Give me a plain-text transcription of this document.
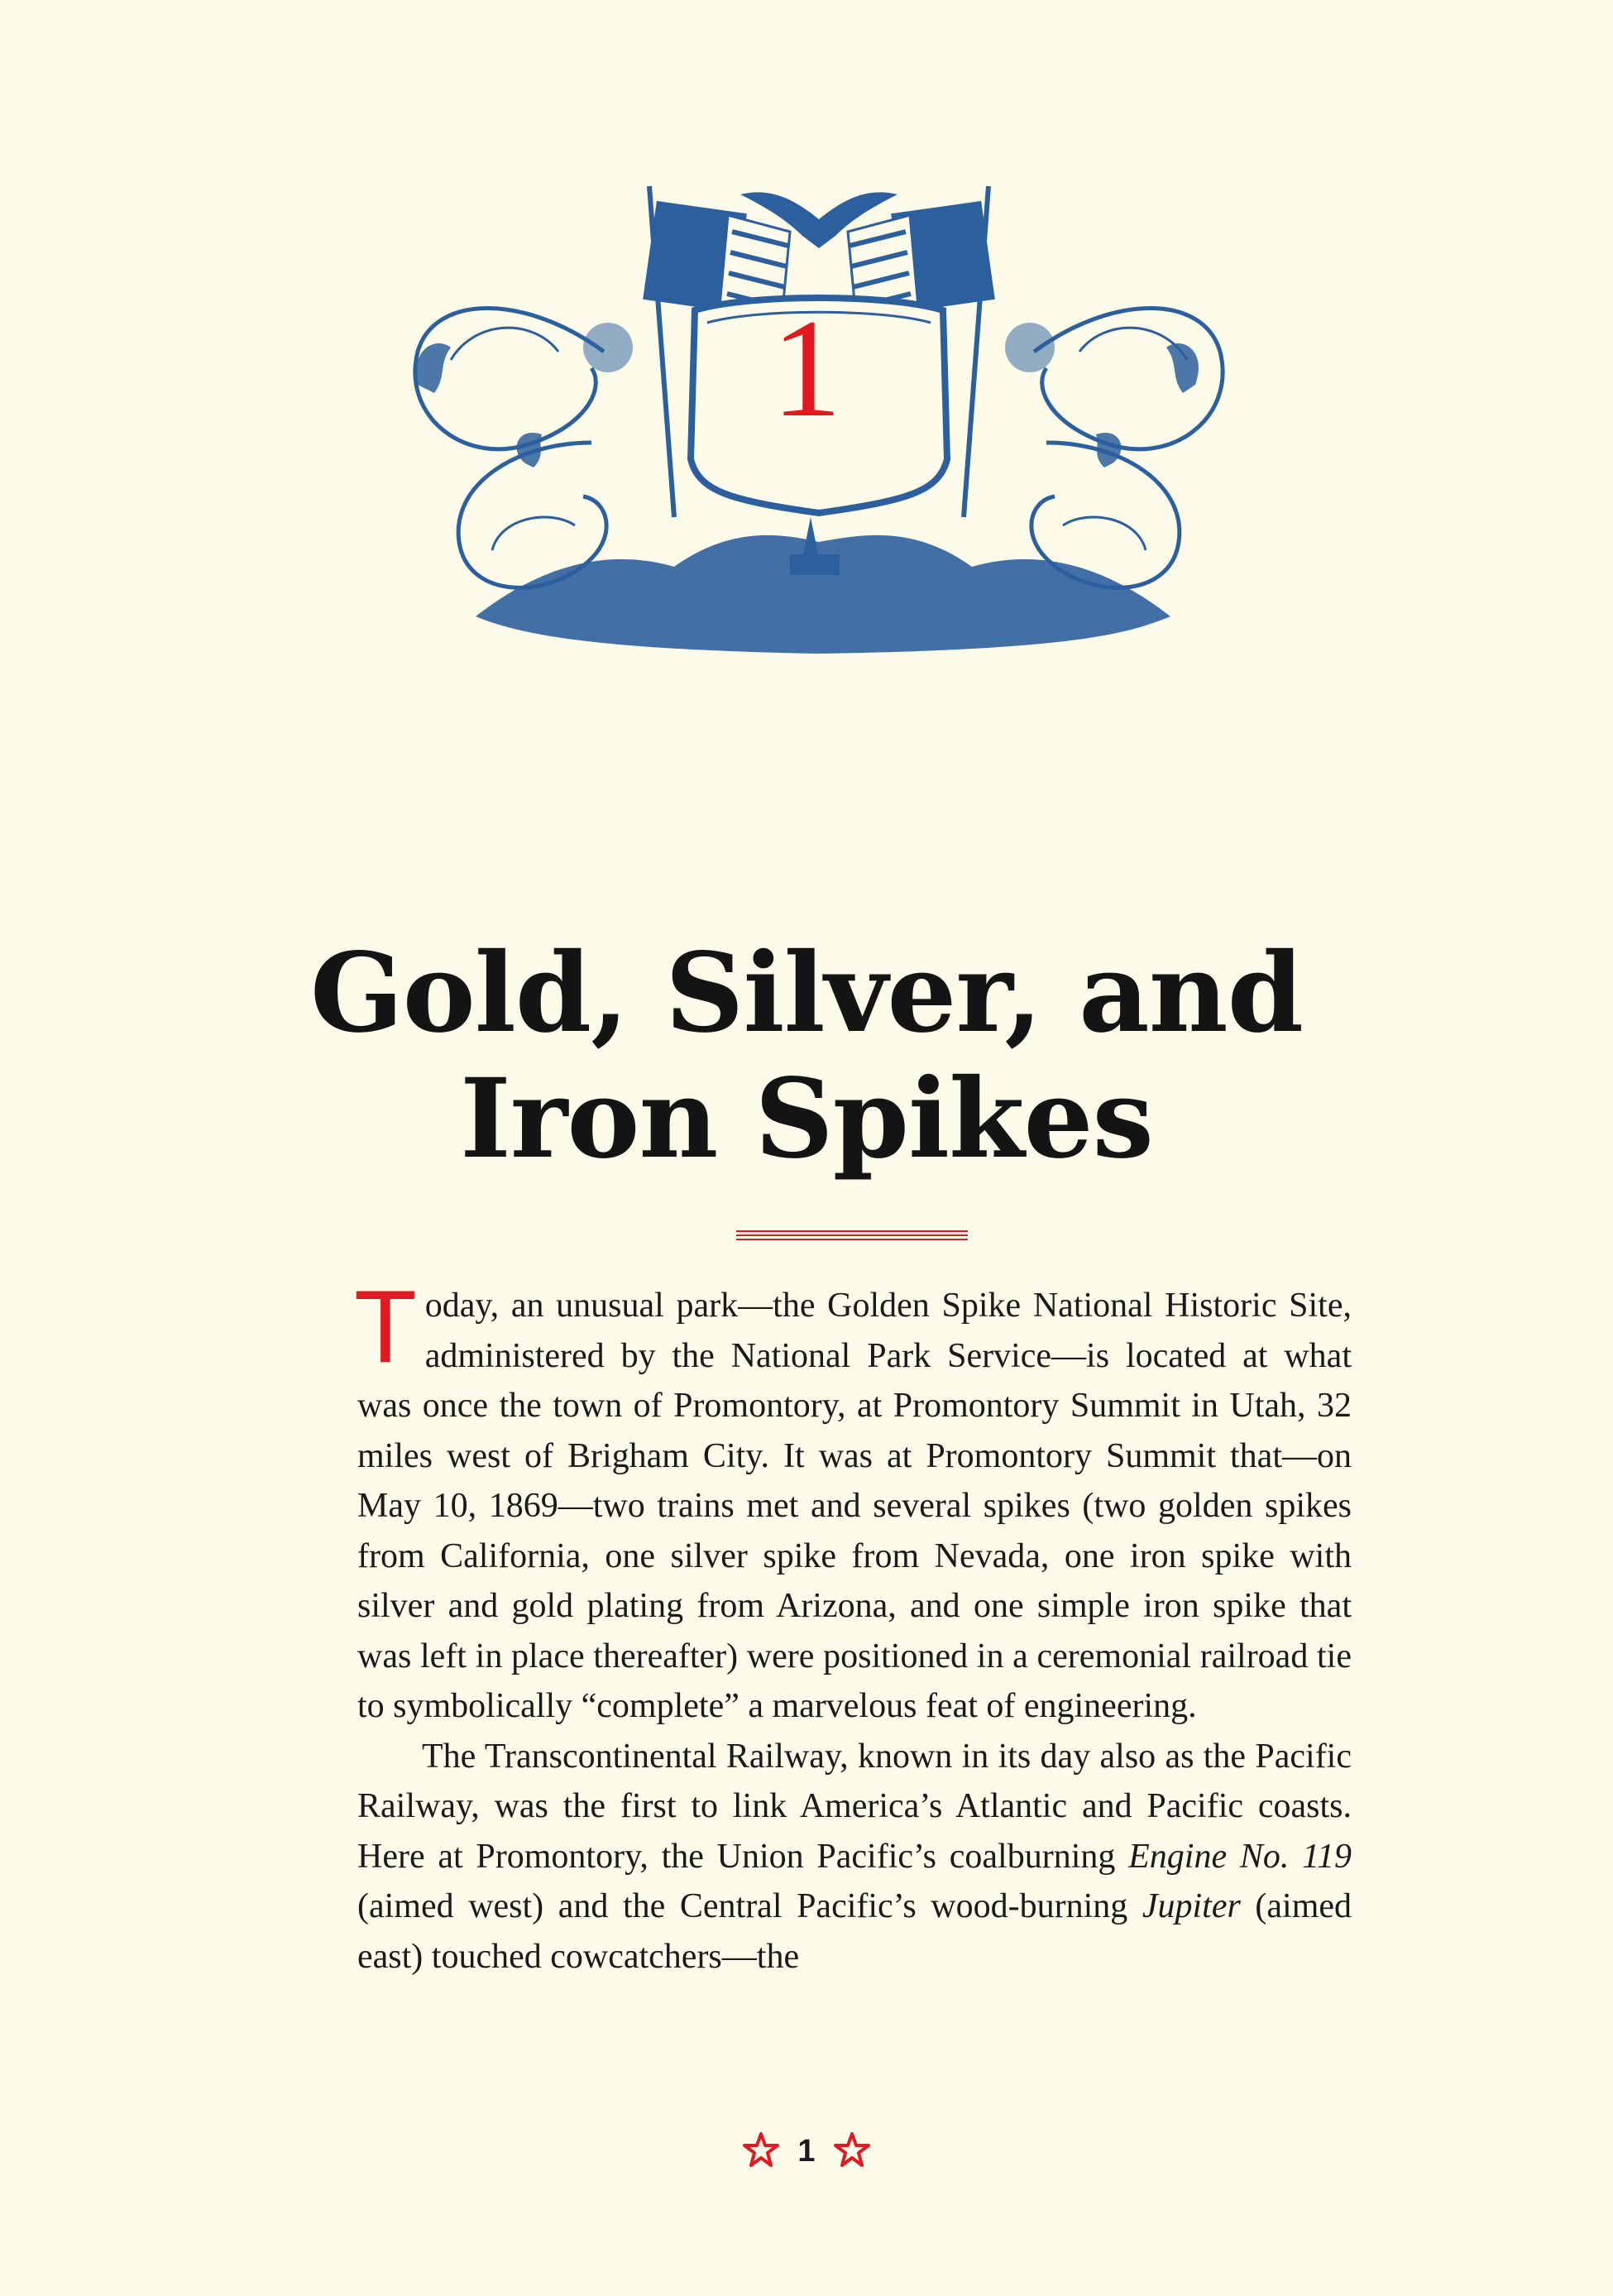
1
Gold, Silver, and
Iron Spikes

Today, an unusual park—the Golden Spike National Historic Site, administered by the National Park Service—is located at what was once the town of Promontory, at Promontory Summit in Utah, 32 miles west of Brigham City. It was at Promontory Summit that—on May 10, 1869—two trains met and several spikes (two golden spikes from California, one silver spike from Nevada, one iron spike with silver and gold plating from Arizona, and one simple iron spike that was left in place thereafter) were positioned in a ceremonial railroad tie to symbolically “complete” a marvelous feat of engineering.

The Transcontinental Railway, known in its day also as the Pacific Railway, was the first to link America’s Atlantic and Pacific coasts. Here at Promontory, the Union Pacific’s coalburning Engine No. 119 (aimed west) and the Central Pacific’s wood-burning Jupiter (aimed east) touched cowcatchers—the

1
